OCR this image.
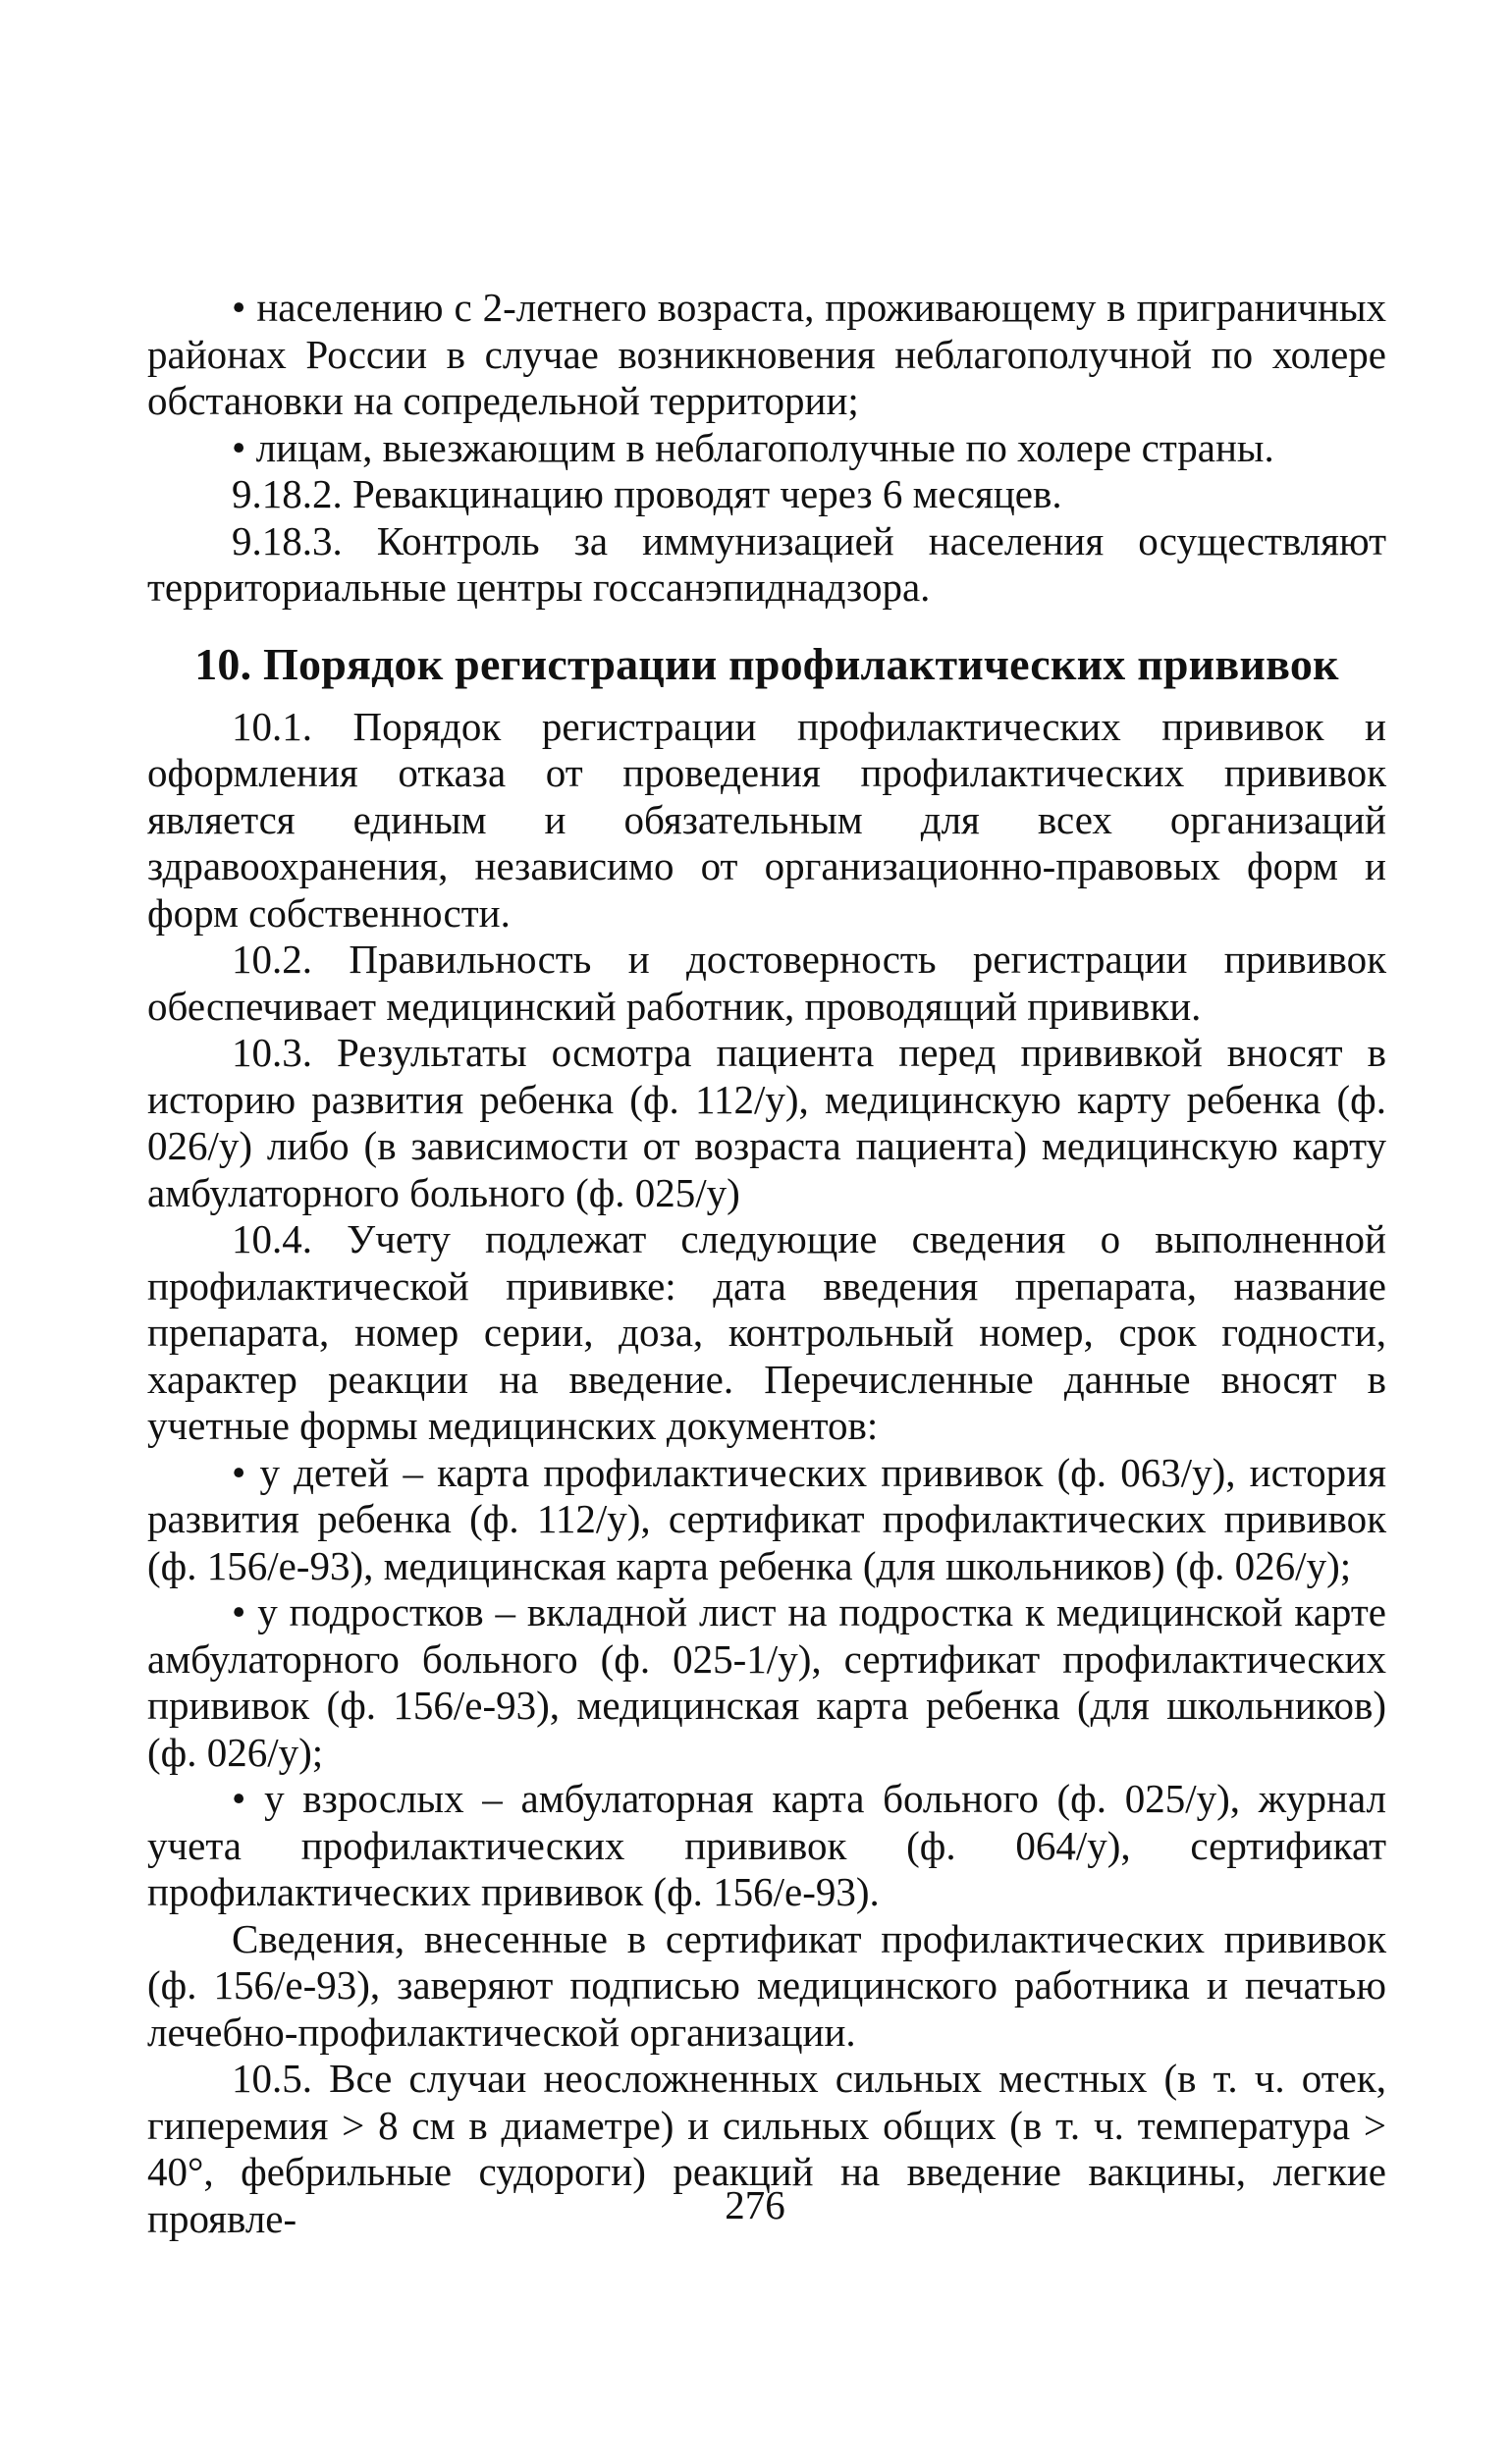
• населению с 2-летнего возраста, проживающему в приграничных районах России в случае возникновения неблагополучной по холере обстановки на сопредельной территории;

• лицам, выезжающим в неблагополучные по холере страны.

9.18.2. Ревакцинацию проводят через 6 месяцев.

9.18.3. Контроль за иммунизацией населения осуществляют территориальные центры госсанэпиднадзора.

10. Порядок регистрации профилактических прививок

10.1. Порядок регистрации профилактических прививок и оформления отказа от проведения профилактических прививок является единым и обязательным для всех организаций здравоохранения, независимо от организационно-правовых форм и форм собственности.

10.2. Правильность и достоверность регистрации прививок обеспечивает медицинский работник, проводящий прививки.

10.3. Результаты осмотра пациента перед прививкой вносят в историю развития ребенка (ф. 112/у), медицинскую карту ребенка (ф. 026/у) либо (в зависимости от возраста пациента) медицинскую карту амбулаторного больного (ф. 025/у)

10.4. Учету подлежат следующие сведения о выполненной профилактической прививке: дата введения препарата, название препарата, номер серии, доза, контрольный номер, срок годности, характер реакции на введение. Перечисленные данные вносят в учетные формы медицинских документов:

• у детей – карта профилактических прививок (ф. 063/у), история развития ребенка (ф. 112/у), сертификат профилактических прививок (ф. 156/е-93), медицинская карта ребенка (для школьников) (ф. 026/у);

• у подростков – вкладной лист на подростка к медицинской карте амбулаторного больного (ф. 025-1/у), сертификат профилактических прививок (ф. 156/е-93), медицинская карта ребенка (для школьников) (ф. 026/у);

• у взрослых – амбулаторная карта больного (ф. 025/у), журнал учета профилактических прививок (ф. 064/у), сертификат профилактических прививок (ф. 156/е-93).

Сведения, внесенные в сертификат профилактических прививок (ф. 156/е-93), заверяют подписью медицинского работника и печатью лечебно-профилактической организации.

10.5. Все случаи неосложненных сильных местных (в т. ч. отек, гиперемия > 8 см в диаметре) и сильных общих (в т. ч. температура > 40°, фебрильные судороги) реакций на введение вакцины, легкие проявле-	276
